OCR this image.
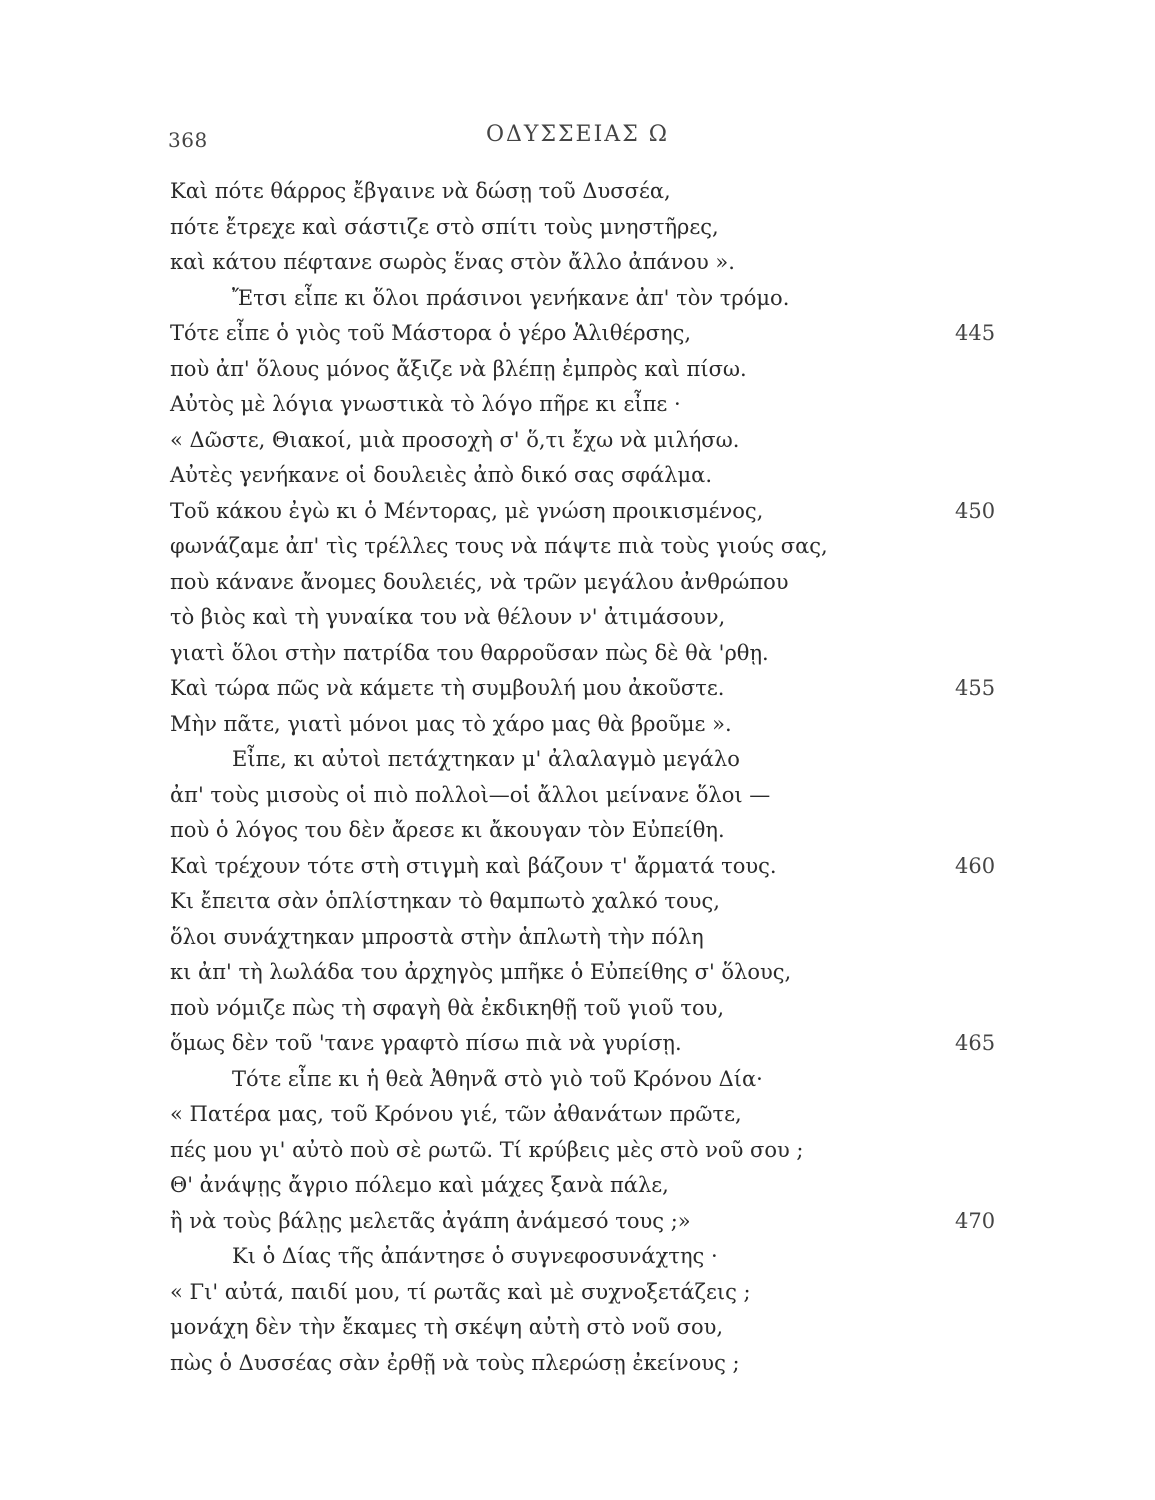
368	ΟΔΥΣΣΕΙΑΣ Ω
Καὶ πότε θάρρος ἔβγαινε νὰ δώσῃ τοῦ Δυσσέα,
πότε ἔτρεχε καὶ σάστιζε στὸ σπίτι τοὺς μνηστῆρες,
καὶ κάτου πέφτανε σωρὸς ἕνας στὸν ἄλλο ἀπάνου ».
Ἔτσι εἶπε κι ὅλοι πράσινοι γενήκανε ἀπ' τὸν τρόμο.
Τότε εἶπε ὁ γιὸς τοῦ Μάστορα ὁ γέρο Ἁλιθέρσης,	445
ποὺ ἀπ' ὅλους μόνος ἄξιζε νὰ βλέπῃ ἐμπρὸς καὶ πίσω.
Αὐτὸς μὲ λόγια γνωστικὰ τὸ λόγο πῆρε κι εἶπε ·
« Δῶστε, Θιακοί, μιὰ προσοχὴ σ' ὅ,τι ἔχω νὰ μιλήσω.
Αὐτὲς γενήκανε οἱ δουλειὲς ἀπὸ δικό σας σφάλμα.
Τοῦ κάκου ἐγὼ κι ὁ Μέντορας, μὲ γνώση προικισμένος,	450
φωνάζαμε ἀπ' τὶς τρέλλες τους νὰ πάψτε πιὰ τοὺς γιούς σας,
ποὺ κάνανε ἄνομες δουλειές, νὰ τρῶν μεγάλου ἀνθρώπου
τὸ βιὸς καὶ τὴ γυναίκα του νὰ θέλουν ν' ἀτιμάσουν,
γιατὶ ὅλοι στὴν πατρίδα του θαρροῦσαν πὼς δὲ θὰ 'ρθῃ.
Καὶ τώρα πῶς νὰ κάμετε τὴ συμβουλή μου ἀκοῦστε.	455
Μὴν πᾶτε, γιατὶ μόνοι μας τὸ χάρο μας θὰ βροῦμε ».
Εἶπε, κι αὐτοὶ πετάχτηκαν μ' ἀλαλαγμὸ μεγάλο
ἀπ' τοὺς μισοὺς οἱ πιὸ πολλοὶ—οἱ ἄλλοι μείνανε ὅλοι —
ποὺ ὁ λόγος του δὲν ἄρεσε κι ἄκουγαν τὸν Εὐπείθη.
Καὶ τρέχουν τότε στὴ στιγμὴ καὶ βάζουν τ' ἄρματά τους.	460
Κι ἔπειτα σὰν ὁπλίστηκαν τὸ θαμπωτὸ χαλκό τους,
ὅλοι συνάχτηκαν μπροστὰ στὴν ἁπλωτὴ τὴν πόλη
κι ἀπ' τὴ λωλάδα του ἀρχηγὸς μπῆκε ὁ Εὐπείθης σ' ὅλους,
ποὺ νόμιζε πὼς τὴ σφαγὴ θὰ ἐκδικηθῇ τοῦ γιοῦ του,
ὅμως δὲν τοῦ 'τανε γραφτὸ πίσω πιὰ νὰ γυρίσῃ.	465
Τότε εἶπε κι ἡ θεὰ Ἀθηνᾶ στὸ γιὸ τοῦ Κρόνου Δία·
« Πατέρα μας, τοῦ Κρόνου γιέ, τῶν ἀθανάτων πρῶτε,
πές μου γι' αὐτὸ ποὺ σὲ ρωτῶ. Τί κρύβεις μὲς στὸ νοῦ σου ;
Θ' ἀνάψῃς ἄγριο πόλεμο καὶ μάχες ξανὰ πάλε,
ἢ νὰ τοὺς βάλῃς μελετᾶς ἀγάπη ἀνάμεσό τους ;»	470
Κι ὁ Δίας τῆς ἀπάντησε ὁ συγνεφοσυνάχτης ·
« Γι' αὐτά, παιδί μου, τί ρωτᾶς καὶ μὲ συχνοξετάζεις ;
μονάχη δὲν τὴν ἔκαμες τὴ σκέψη αὐτὴ στὸ νοῦ σου,
πὼς ὁ Δυσσέας σὰν ἐρθῇ νὰ τοὺς πλερώσῃ ἐκείνους ;
